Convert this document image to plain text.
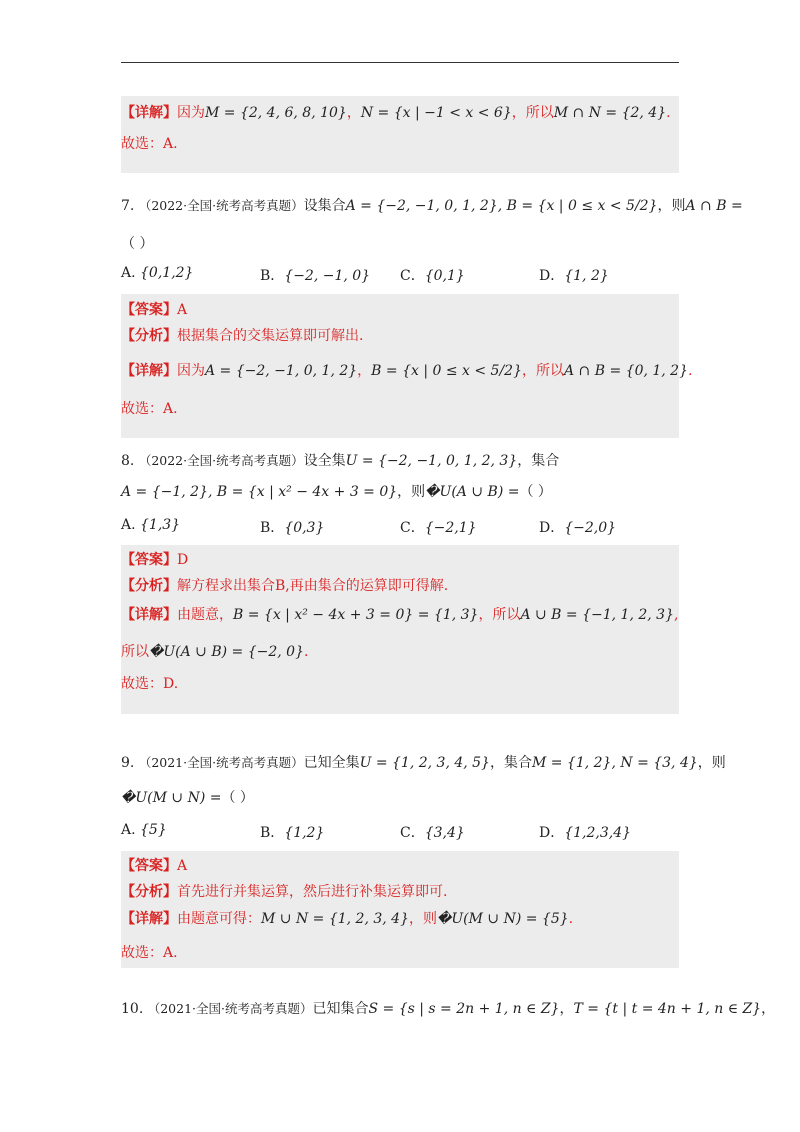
【详解】因为M = {2, 4, 6, 8, 10}，N = {x | −1 < x < 6}，所以M ∩ N = {2, 4}.
故选：A.
7. （2022·全国·统考高考真题）设集合A = {−2, −1, 0, 1, 2}, B = {x | 0 ≤ x < 5/2}，则A ∩ B =
（ ）
A. {0,1,2}	B．{−2, −1, 0} C．{0,1}	D．{1, 2}
【答案】A
【分析】根据集合的交集运算即可解出.
【详解】因为A = {−2, −1, 0, 1, 2}，B = {x | 0 ≤ x < 5/2}，所以A ∩ B = {0, 1, 2}.
故选：A.
8. （2022·全国·统考高考真题）设全集U = {−2, −1, 0, 1, 2, 3}，集合
A = {−1, 2}, B = {x | x² − 4x + 3 = 0}，则�U(A ∪ B) =（ ）
A. {1,3}	B．{0,3}	C．{−2,1}	D．{−2,0}
【答案】D
【分析】解方程求出集合B,再由集合的运算即可得解.
【详解】由题意，B = {x | x² − 4x + 3 = 0} = {1, 3}，所以A ∪ B = {−1, 1, 2, 3},
所以�U(A ∪ B) = {−2, 0}.
故选：D.
9. （2021·全国·统考高考真题）已知全集U = {1, 2, 3, 4, 5}，集合M = {1, 2}, N = {3, 4}，则
�U(M ∪ N) =（ ）
A. {5}	B．{1,2}	C．{3,4}	D．{1,2,3,4}
【答案】A
【分析】首先进行并集运算，然后进行补集运算即可.
【详解】由题意可得：M ∪ N = {1, 2, 3, 4}，则�U(M ∪ N) = {5}.
故选：A.
10. （2021·全国·统考高考真题）已知集合S = {s | s = 2n + 1, n ∈ Z}，T = {t | t = 4n + 1, n ∈ Z}，
